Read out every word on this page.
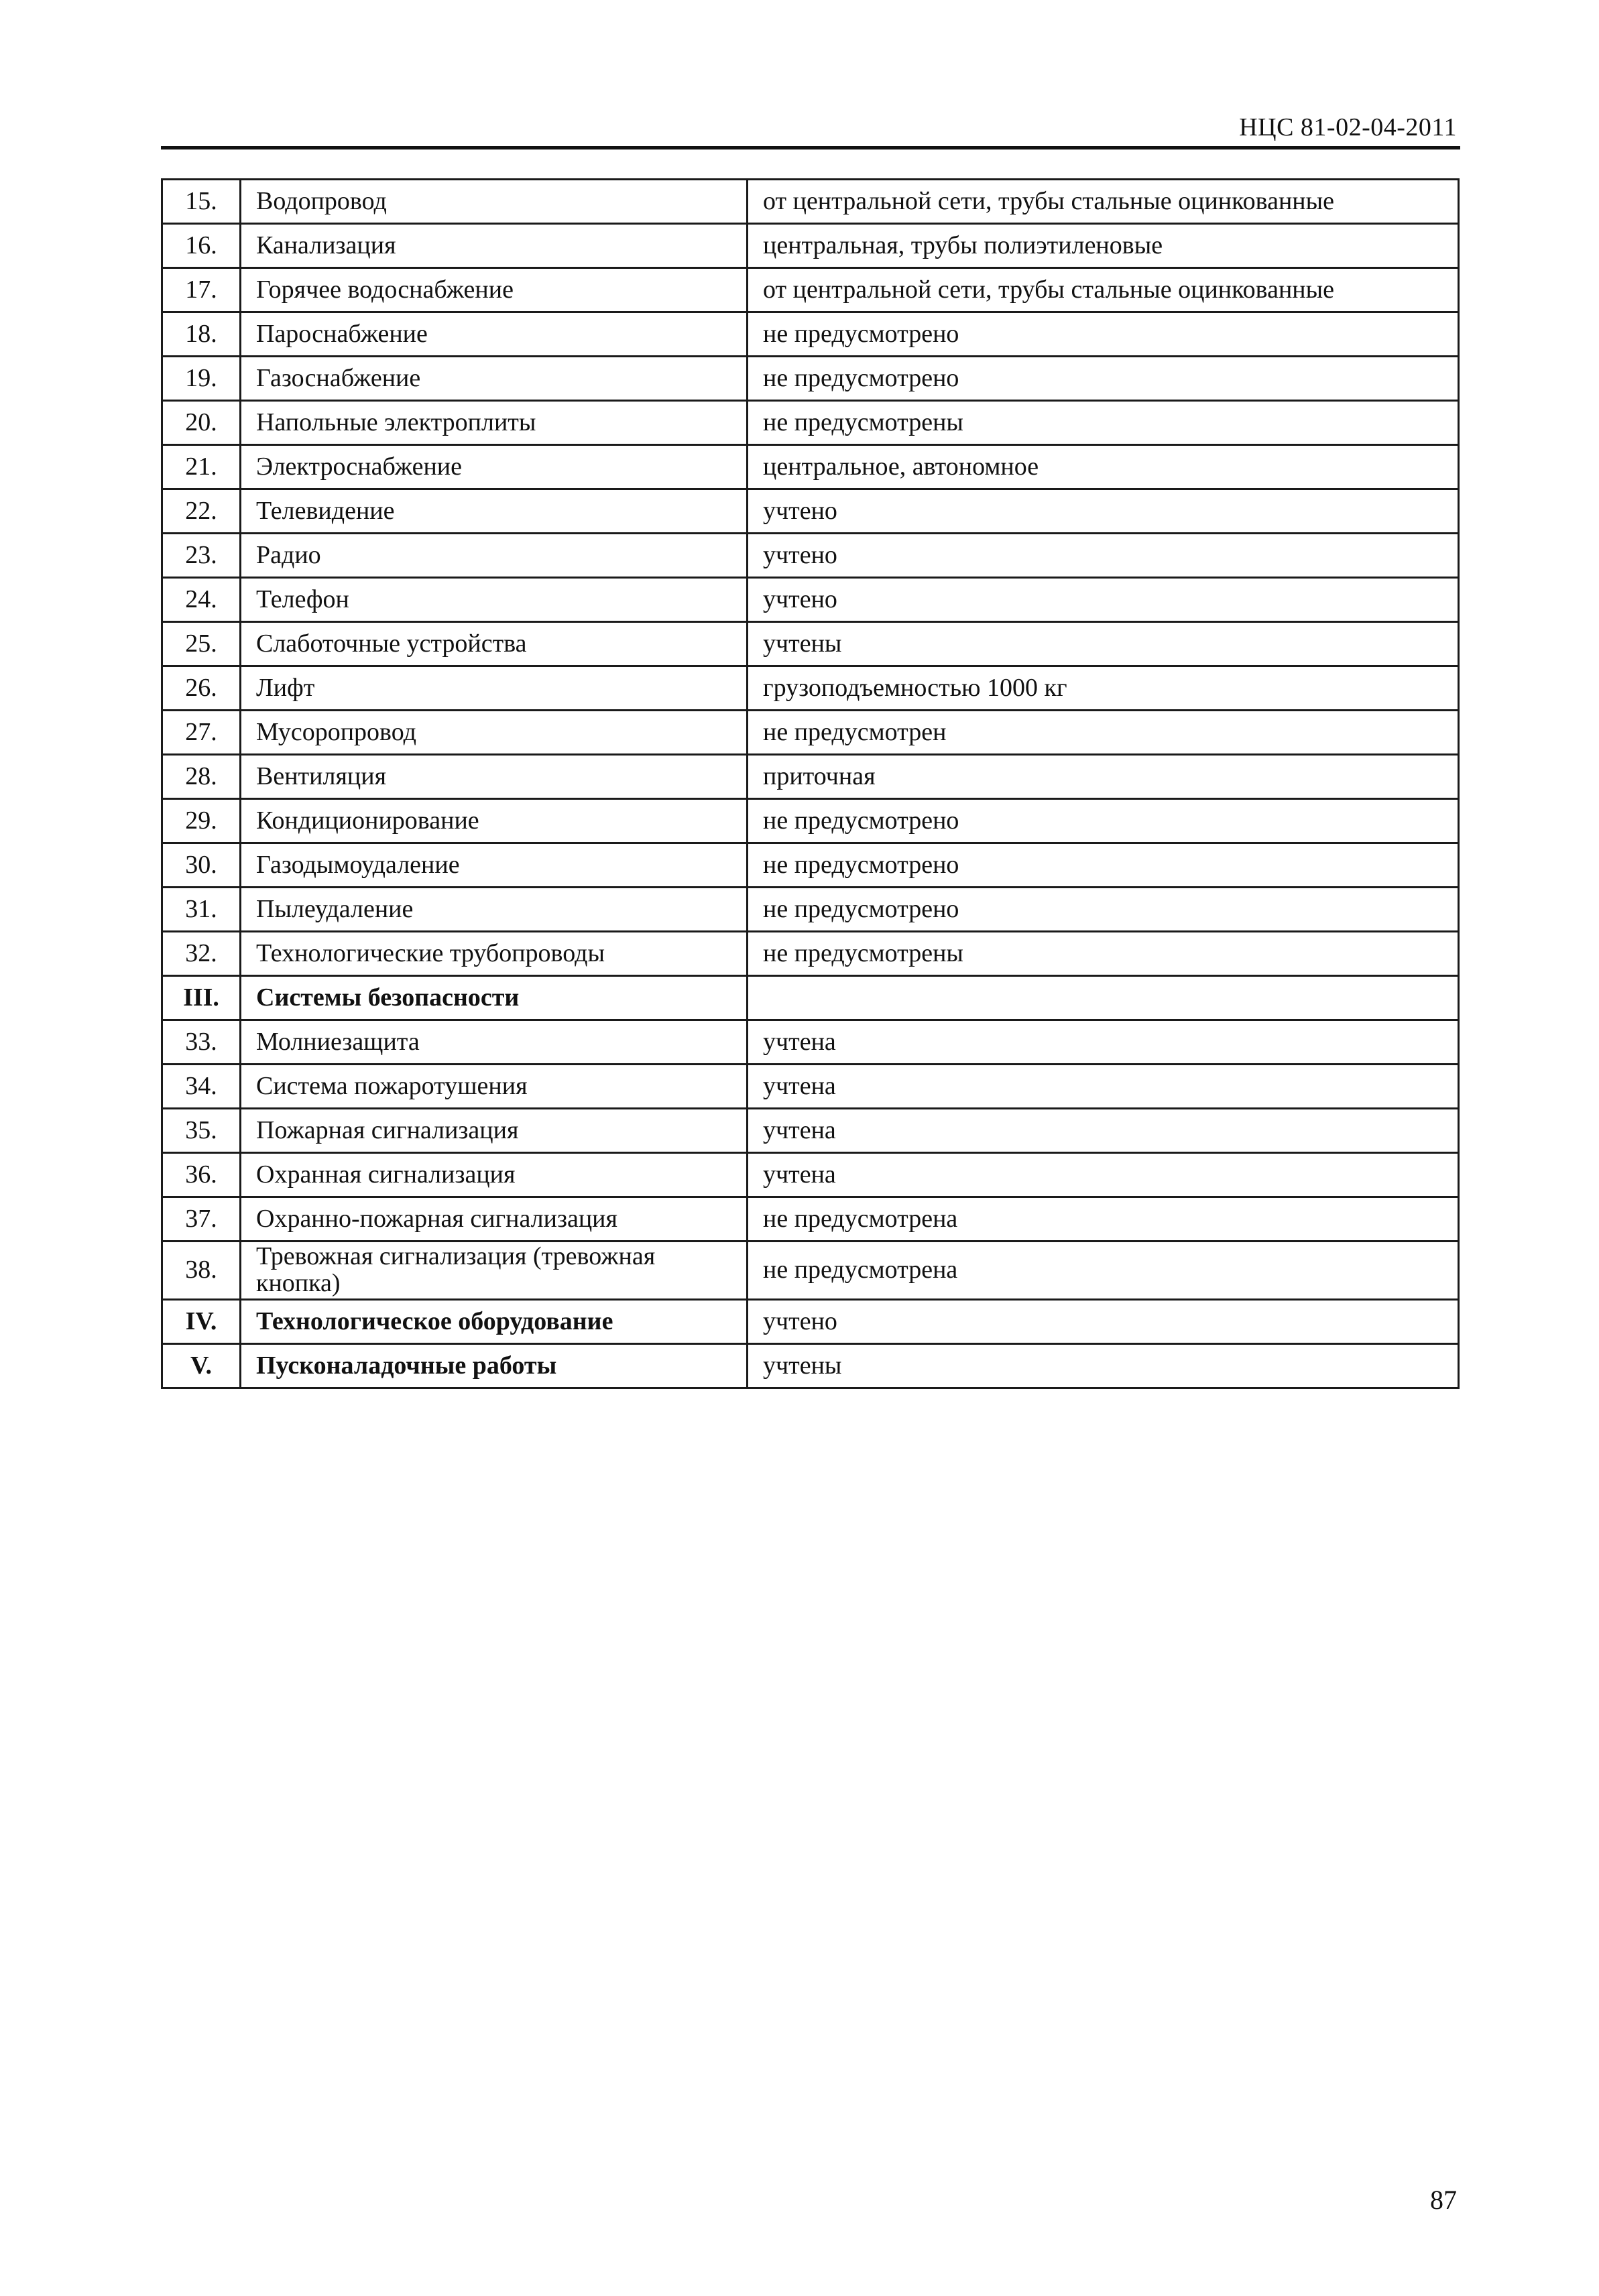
НЦС 81-02-04-2011
15.	Водопровод	от центральной сети, трубы стальные оцинкованные
16.	Канализация	центральная, трубы полиэтиленовые
17.	Горячее водоснабжение	от центральной сети, трубы стальные оцинкованные
18.	Пароснабжение	не предусмотрено
19.	Газоснабжение	не предусмотрено
20.	Напольные электроплиты	не предусмотрены
21.	Электроснабжение	центральное, автономное
22.	Телевидение	учтено
23.	Радио	учтено
24.	Телефон	учтено
25.	Слаботочные устройства	учтены
26.	Лифт	грузоподъемностью 1000 кг
27.	Мусоропровод	не предусмотрен
28.	Вентиляция	приточная
29.	Кондиционирование	не предусмотрено
30.	Газодымоудаление	не предусмотрено
31.	Пылеудаление	не предусмотрено
32.	Технологические трубопроводы	не предусмотрены
III.	Системы безопасности	
33.	Молниезащита	учтена
34.	Система пожаротушения	учтена
35.	Пожарная сигнализация	учтена
36.	Охранная сигнализация	учтена
37.	Охранно-пожарная сигнализация	не предусмотрена
38.	Тревожная сигнализация (тревожная кнопка)	не предусмотрена
IV.	Технологическое оборудование	учтено
V.	Пусконаладочные работы	учтены
87
